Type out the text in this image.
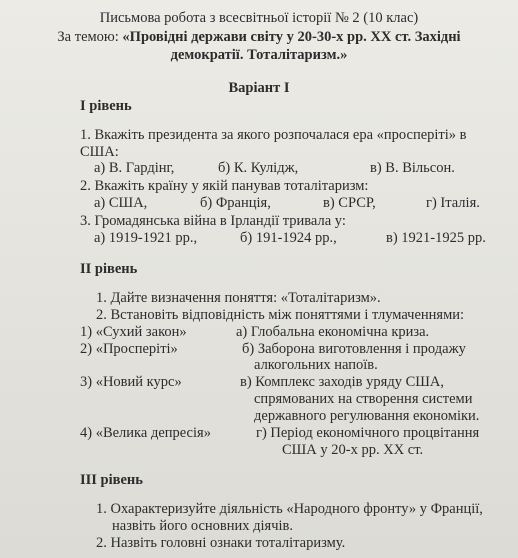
Письмова робота з всесвітньої історії № 2 (10 клас)
За темою: «Провідні держави світу у 20-30-х рр. ХХ ст. Західні
демократії. Тоталітаризм.»
Варіант І
І рівень
1. Вкажіть президента за якого розпочалася ера «просперіті» в
США:
а) В. Гардінг,	б) К. Кулідж,	в) В. Вільсон.
2. Вкажіть країну у якій панував тоталітаризм:
а) США,	б) Франція,	в) СРСР,	г) Італія.
3. Громадянська війна в Ірландії тривала у:
а) 1919-1921 рр.,	б) 191-1924 рр.,	в) 1921-1925 рр.
ІІ рівень
1. Дайте визначення поняття: «Тоталітаризм».
2. Встановіть відповідність між поняттями і тлумаченнями:
1) «Сухий закон»	а) Глобальна економічна криза.
2) «Просперіті»	б) Заборона виготовлення і продажу
алкогольних напоїв.
3) «Новий курс»	в) Комплекс заходів уряду США,
спрямованих на створення системи
державного регулювання економіки.
4) «Велика депресія»	г) Період економічного процвітання
США у 20-х рр. ХХ ст.
ІІІ рівень
1. Охарактеризуйте діяльність «Народного фронту» у Франції,
назвіть його основних діячів.
2. Назвіть головні ознаки тоталітаризму.
